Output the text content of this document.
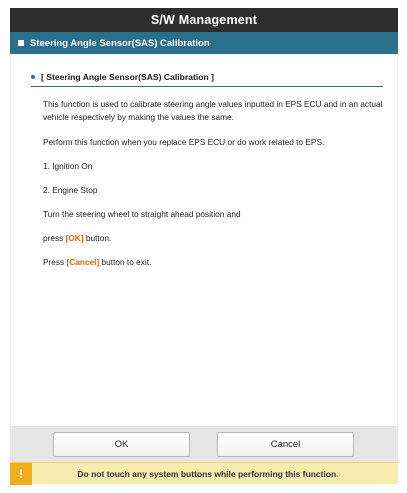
S/W Management
Steering Angle Sensor(SAS) Calibration
[ Steering Angle Sensor(SAS) Calibration ]
This function is used to calibrate steering angle values inputted in EPS ECU and in an actual vehicle respectively by making the values the same.
Perform this function when you replace EPS ECU or do work related to EPS.
1. Ignition On
2. Engine Stop
Turn the steering wheel to straight ahead position and
press [OK] button.
Press [Cancel] button to exit.
OK	Cancel
!	Do not touch any system buttons while performing this function.
